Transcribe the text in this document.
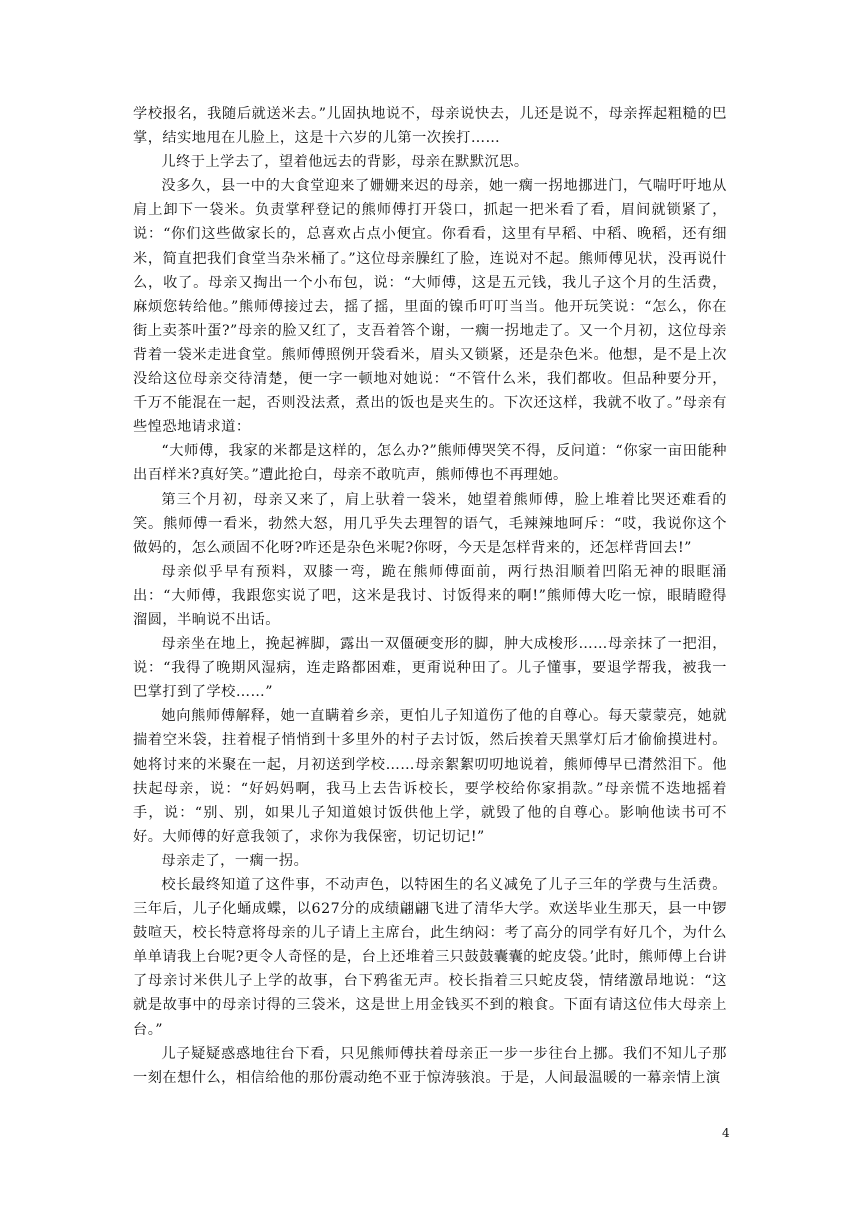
学校报名，我随后就送米去。”儿固执地说不，母亲说快去，儿还是说不，母亲挥起粗糙的巴掌，结实地甩在儿脸上，这是十六岁的儿第一次挨打……

儿终于上学去了，望着他远去的背影，母亲在默默沉思。

没多久，县一中的大食堂迎来了姗姗来迟的母亲，她一瘸一拐地挪进门，气喘吁吁地从肩上卸下一袋米。负责掌秤登记的熊师傅打开袋口，抓起一把米看了看，眉间就锁紧了，说：“你们这些做家长的，总喜欢占点小便宜。你看看，这里有早稻、中稻、晚稻，还有细米，简直把我们食堂当杂米桶了。”这位母亲臊红了脸，连说对不起。熊师傅见状，没再说什么，收了。母亲又掏出一个小布包，说：“大师傅，这是五元钱，我儿子这个月的生活费，麻烦您转给他。”熊师傅接过去，摇了摇，里面的镍币叮叮当当。他开玩笑说：“怎么，你在街上卖茶叶蛋?”母亲的脸又红了，支吾着答个谢，一瘸一拐地走了。又一个月初，这位母亲背着一袋米走进食堂。熊师傅照例开袋看米，眉头又锁紧，还是杂色米。他想，是不是上次没给这位母亲交待清楚，便一字一顿地对她说：“不管什么米，我们都收。但品种要分开，千万不能混在一起，否则没法煮，煮出的饭也是夹生的。下次还这样，我就不收了。”母亲有些惶恐地请求道：

“大师傅，我家的米都是这样的，怎么办?”熊师傅哭笑不得，反问道：“你家一亩田能种出百样米?真好笑。”遭此抢白，母亲不敢吭声，熊师傅也不再理她。

第三个月初，母亲又来了，肩上驮着一袋米，她望着熊师傅，脸上堆着比哭还难看的笑。熊师傅一看米，勃然大怒，用几乎失去理智的语气，毛辣辣地呵斥：“哎，我说你这个做妈的，怎么顽固不化呀?咋还是杂色米呢?你呀，今天是怎样背来的，还怎样背回去!”

母亲似乎早有预料，双膝一弯，跪在熊师傅面前，两行热泪顺着凹陷无神的眼眶涌出：“大师傅，我跟您实说了吧，这米是我讨、讨饭得来的啊!”熊师傅大吃一惊，眼睛瞪得溜圆，半晌说不出话。

母亲坐在地上，挽起裤脚，露出一双僵硬变形的脚，肿大成梭形……母亲抹了一把泪，说：“我得了晚期风湿病，连走路都困难，更甭说种田了。儿子懂事，要退学帮我，被我一巴掌打到了学校……”

她向熊师傅解释，她一直瞒着乡亲，更怕儿子知道伤了他的自尊心。每天蒙蒙亮，她就揣着空米袋，拄着棍子悄悄到十多里外的村子去讨饭，然后挨着天黑掌灯后才偷偷摸进村。她将讨来的米聚在一起，月初送到学校……母亲絮絮叨叨地说着，熊师傅早已潸然泪下。他扶起母亲，说：“好妈妈啊，我马上去告诉校长，要学校给你家捐款。”母亲慌不迭地摇着手，说：“别、别，如果儿子知道娘讨饭供他上学，就毁了他的自尊心。影响他读书可不好。大师傅的好意我领了，求你为我保密，切记切记!”

母亲走了，一瘸一拐。

校长最终知道了这件事，不动声色，以特困生的名义减免了儿子三年的学费与生活费。三年后，儿子化蛹成蝶，以627分的成绩翩翩飞进了清华大学。欢送毕业生那天，县一中锣鼓喧天，校长特意将母亲的儿子请上主席台，此生纳闷：考了高分的同学有好几个，为什么单单请我上台呢?更令人奇怪的是，台上还堆着三只鼓鼓囊囊的蛇皮袋。’此时，熊师傅上台讲了母亲讨米供儿子上学的故事，台下鸦雀无声。校长指着三只蛇皮袋，情绪激昂地说：“这就是故事中的母亲讨得的三袋米，这是世上用金钱买不到的粮食。下面有请这位伟大母亲上台。”

儿子疑疑惑惑地往台下看，只见熊师傅扶着母亲正一步一步往台上挪。我们不知儿子那一刻在想什么，相信给他的那份震动绝不亚于惊涛骇浪。于是，人间最温暖的一幕亲情上演

4
